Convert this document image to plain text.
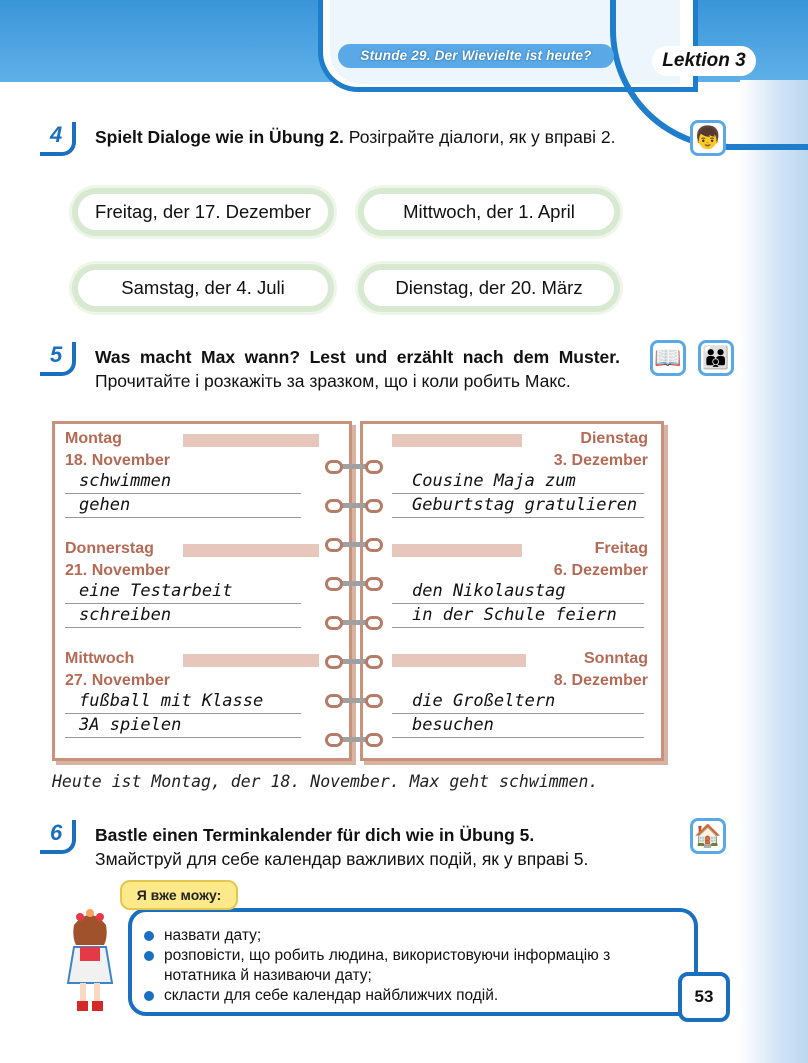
Stunde 29. Der Wievielte ist heute?	Lektion 3
4 Spielt Dialoge wie in Übung 2. Розіграйте діалоги, як у вправі 2.	👦
Freitag, der 17. Dezember	Mittwoch, der 1. April
Samstag, der 4. Juli	Dienstag, der 20. März
5 Was macht Max wann? Lest und erzählt nach dem Muster. Прочитайте і розкажіть за зразком, що і коли робить Макс.
📖 👪
Montag
18. November
schwimmen
gehen
Donnerstag
21. November
eine Testarbeit
schreiben
Mittwoch
27. November
fußball mit Klasse
3A spielen
Dienstag
3. Dezember
Cousine Maja zum
Geburtstag gratulieren
Freitag
6. Dezember
den Nikolaustag
in der Schule feiern
Sonntag
8. Dezember
die Großeltern
besuchen
Heute ist Montag, der 18. November. Max geht schwimmen.
6 Bastle einen Terminkalender für dich wie in Übung 5.
Змайструй для себе календар важливих подій, як у вправі 5.
🏠
Я вже можу:
назвати дату;
розповісти, що робить людина, використовуючи інформацію з нотатника й називаючи дату;
скласти для себе календар найближчих подій.	53
